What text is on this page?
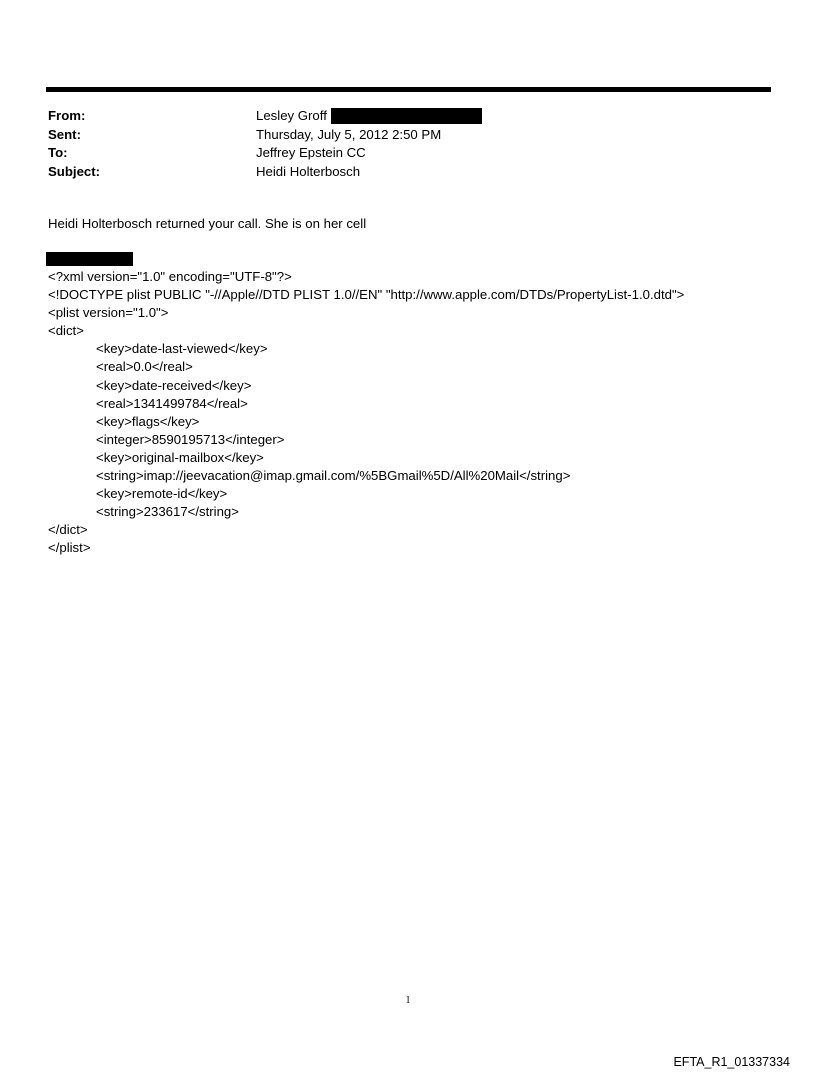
From:	Lesley Groff
Sent:	Thursday, July 5, 2012 2:50 PM
To:	Jeffrey Epstein CC
Subject:	Heidi Holterbosch
Heidi Holterbosch returned your call. She is on her cell
<?xml version="1.0" encoding="UTF-8"?>
<!DOCTYPE plist PUBLIC "-//Apple//DTD PLIST 1.0//EN" "http://www.apple.com/DTDs/PropertyList-1.0.dtd">
<plist version="1.0">
<dict>
<key>date-last-viewed</key>
<real>0.0</real>
<key>date-received</key>
<real>1341499784</real>
<key>flags</key>
<integer>8590195713</integer>
<key>original-mailbox</key>
<string>imap://jeevacation@imap.gmail.com/%5BGmail%5D/All%20Mail</string>
<key>remote-id</key>
<string>233617</string>
</dict>
</plist>
1
EFTA_R1_01337334
